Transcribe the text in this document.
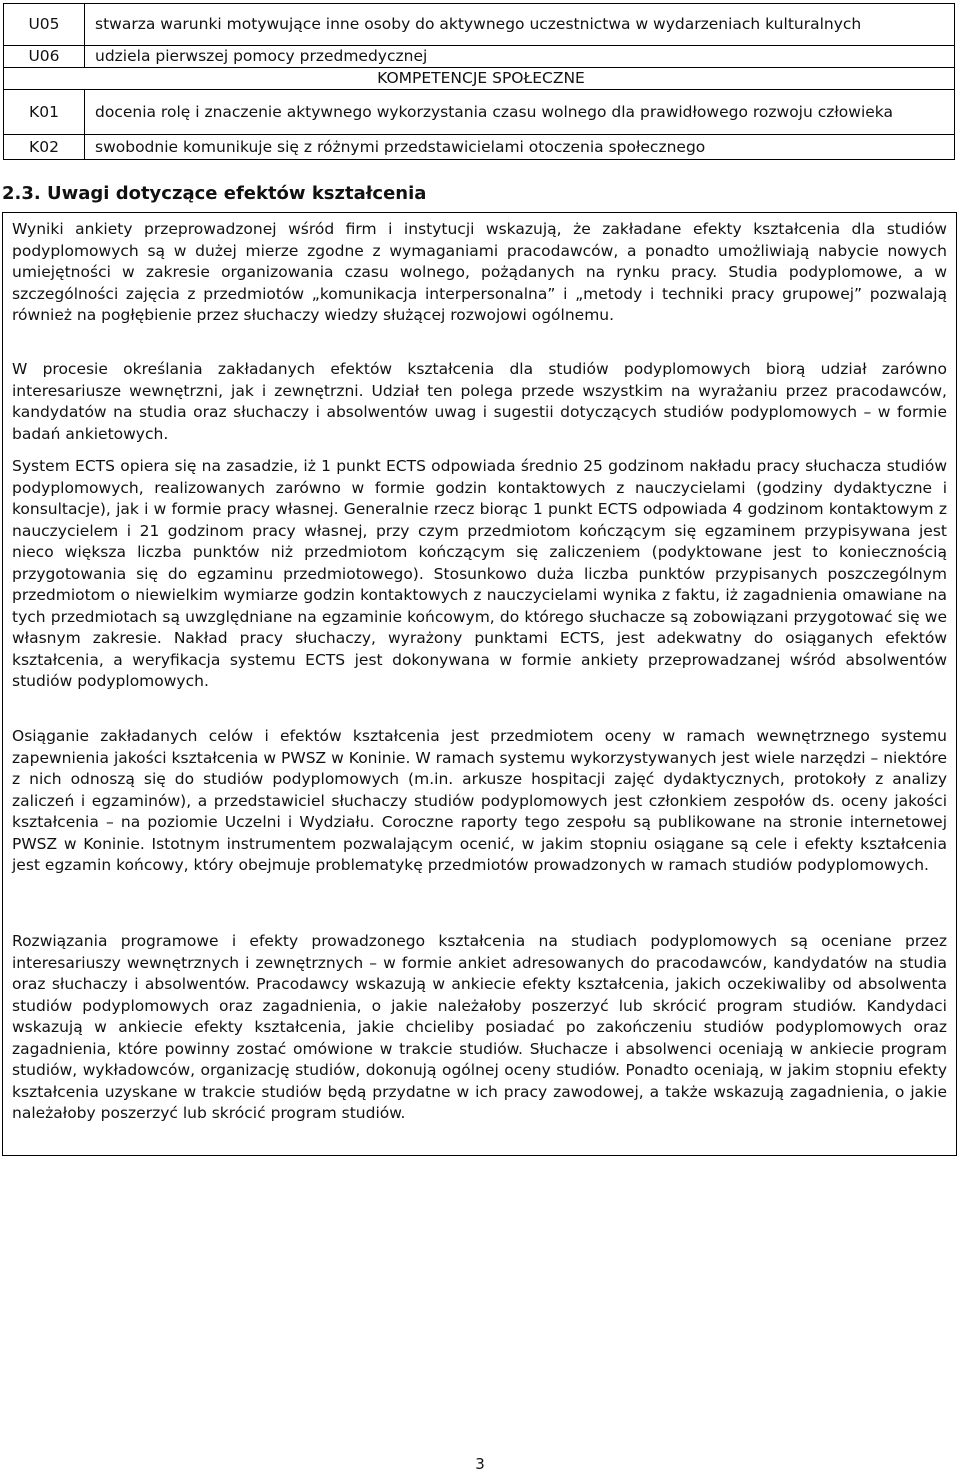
U05	stwarza warunki motywujące inne osoby do aktywnego uczestnictwa w wydarzeniach kulturalnych
U06	udziela pierwszej pomocy przedmedycznej
KOMPETENCJE SPOŁECZNE	
K01	docenia rolę i znaczenie aktywnego wykorzystania czasu wolnego dla prawidłowego rozwoju człowieka
K02	swobodnie komunikuje się z różnymi przedstawicielami otoczenia społecznego
2.3. Uwagi dotyczące efektów kształcenia

Wyniki ankiety przeprowadzonej wśród firm i instytucji wskazują, że zakładane efekty kształcenia dla studiów podyplomowych są w dużej mierze zgodne z wymaganiami pracodawców, a ponadto umożliwiają nabycie nowych umiejętności w zakresie organizowania czasu wolnego, pożądanych na rynku pracy. Studia podyplomowe, a w szczególności zajęcia z przedmiotów „komunikacja interpersonalna” i „metody i techniki pracy grupowej” pozwalają również na pogłębienie przez słuchaczy wiedzy służącej rozwojowi ogólnemu.

W procesie określania zakładanych efektów kształcenia dla studiów podyplomowych biorą udział zarówno interesariusze wewnętrzni, jak i zewnętrzni. Udział ten polega przede wszystkim na wyrażaniu przez pracodawców, kandydatów na studia oraz słuchaczy i absolwentów uwag i sugestii dotyczących studiów podyplomowych – w formie badań ankietowych.

System ECTS opiera się na zasadzie, iż 1 punkt ECTS odpowiada średnio 25 godzinom nakładu pracy słuchacza studiów podyplomowych, realizowanych zarówno w formie godzin kontaktowych z nauczycielami (godziny dydaktyczne i konsultacje), jak i w formie pracy własnej. Generalnie rzecz biorąc 1 punkt ECTS odpowiada 4 godzinom kontaktowym z nauczycielem i 21 godzinom pracy własnej, przy czym przedmiotom kończącym się egzaminem przypisywana jest nieco większa liczba punktów niż przedmiotom kończącym się zaliczeniem (podyktowane jest to koniecznością przygotowania się do egzaminu przedmiotowego). Stosunkowo duża liczba punktów przypisanych poszczególnym przedmiotom o niewielkim wymiarze godzin kontaktowych z nauczycielami wynika z faktu, iż zagadnienia omawiane na tych przedmiotach są uwzględniane na egzaminie końcowym, do którego słuchacze są zobowiązani przygotować się we własnym zakresie. Nakład pracy słuchaczy, wyrażony punktami ECTS, jest adekwatny do osiąganych efektów kształcenia, a weryfikacja systemu ECTS jest dokonywana w formie ankiety przeprowadzanej wśród absolwentów studiów podyplomowych.

Osiąganie zakładanych celów i efektów kształcenia jest przedmiotem oceny w ramach wewnętrznego systemu zapewnienia jakości kształcenia w PWSZ w Koninie. W ramach systemu wykorzystywanych jest wiele narzędzi – niektóre z nich odnoszą się do studiów podyplomowych (m.in. arkusze hospitacji zajęć dydaktycznych, protokoły z analizy zaliczeń i egzaminów), a przedstawiciel słuchaczy studiów podyplomowych jest członkiem zespołów ds. oceny jakości kształcenia – na poziomie Uczelni i Wydziału. Coroczne raporty tego zespołu są publikowane na stronie internetowej PWSZ w Koninie. Istotnym instrumentem pozwalającym ocenić, w jakim stopniu osiągane są cele i efekty kształcenia jest egzamin końcowy, który obejmuje problematykę przedmiotów prowadzonych w ramach studiów podyplomowych.

Rozwiązania programowe i efekty prowadzonego kształcenia na studiach podyplomowych są oceniane przez interesariuszy wewnętrznych i zewnętrznych – w formie ankiet adresowanych do pracodawców, kandydatów na studia oraz słuchaczy i absolwentów. Pracodawcy wskazują w ankiecie efekty kształcenia, jakich oczekiwaliby od absolwenta studiów podyplomowych oraz zagadnienia, o jakie należałoby poszerzyć lub skrócić program studiów. Kandydaci wskazują w ankiecie efekty kształcenia, jakie chcieliby posiadać po zakończeniu studiów podyplomowych oraz zagadnienia, które powinny zostać omówione w trakcie studiów. Słuchacze i absolwenci oceniają w ankiecie program studiów, wykładowców, organizację studiów, dokonują ogólnej oceny studiów. Ponadto oceniają, w jakim stopniu efekty kształcenia uzyskane w trakcie studiów będą przydatne w ich pracy zawodowej, a także wskazują zagadnienia, o jakie należałoby poszerzyć lub skrócić program studiów.

3
